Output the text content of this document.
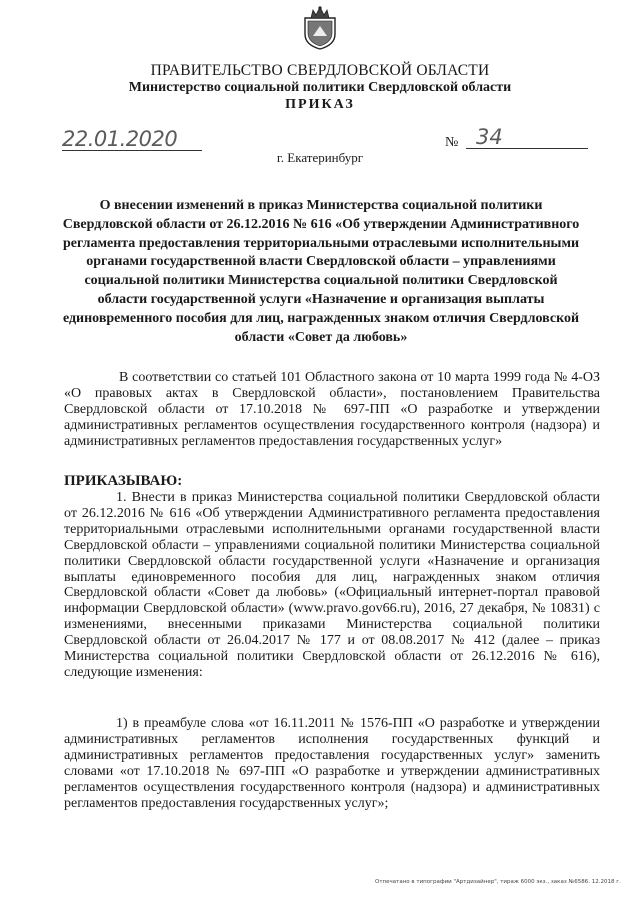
ПРАВИТЕЛЬСТВО СВЕРДЛОВСКОЙ ОБЛАСТИ
Министерство социальной политики Свердловской области
ПРИКАЗ
22.01.2020	№ 34
г. Екатеринбург
О внесении изменений в приказ Министерства социальной политики Свердловской области от 26.12.2016 № 616 «Об утверждении Административного регламента предоставления территориальными отраслевыми исполнительными органами государственной власти Свердловской области – управлениями социальной политики Министерства социальной политики Свердловской области государственной услуги «Назначение и организация выплаты единовременного пособия для лиц, награжденных знаком отличия Свердловской области «Совет да любовь»
В соответствии со статьей 101 Областного закона от 10 марта 1999 года № 4-ОЗ «О правовых актах в Свердловской области», постановлением Правительства Свердловской области от 17.10.2018 № 697-ПП «О разработке и утверждении административных регламентов осуществления государственного контроля (надзора) и административных регламентов предоставления государственных услуг»
ПРИКАЗЫВАЮ:
1. Внести в приказ Министерства социальной политики Свердловской области от 26.12.2016 № 616 «Об утверждении Административного регламента предоставления территориальными отраслевыми исполнительными органами государственной власти Свердловской области – управлениями социальной политики Министерства социальной политики Свердловской области государственной услуги «Назначение и организация выплаты единовременного пособия для лиц, награжденных знаком отличия Свердловской области «Совет да любовь» («Официальный интернет-портал правовой информации Свердловской области» (www.pravo.gov66.ru), 2016, 27 декабря, № 10831) с изменениями, внесенными приказами Министерства социальной политики Свердловской области от 26.04.2017 № 177 и от 08.08.2017 № 412 (далее – приказ Министерства социальной политики Свердловской области от 26.12.2016 № 616), следующие изменения:
1) в преамбуле слова «от 16.11.2011 № 1576-ПП «О разработке и утверждении административных регламентов исполнения государственных функций и административных регламентов предоставления государственных услуг» заменить словами «от 17.10.2018 № 697-ПП «О разработке и утверждении административных регламентов осуществления государственного контроля (надзора) и административных регламентов предоставления государственных услуг»;
Отпечатано в типографии "Артдизайнер", тираж 6000 экз., заказ №6586. 12.2018 г.
